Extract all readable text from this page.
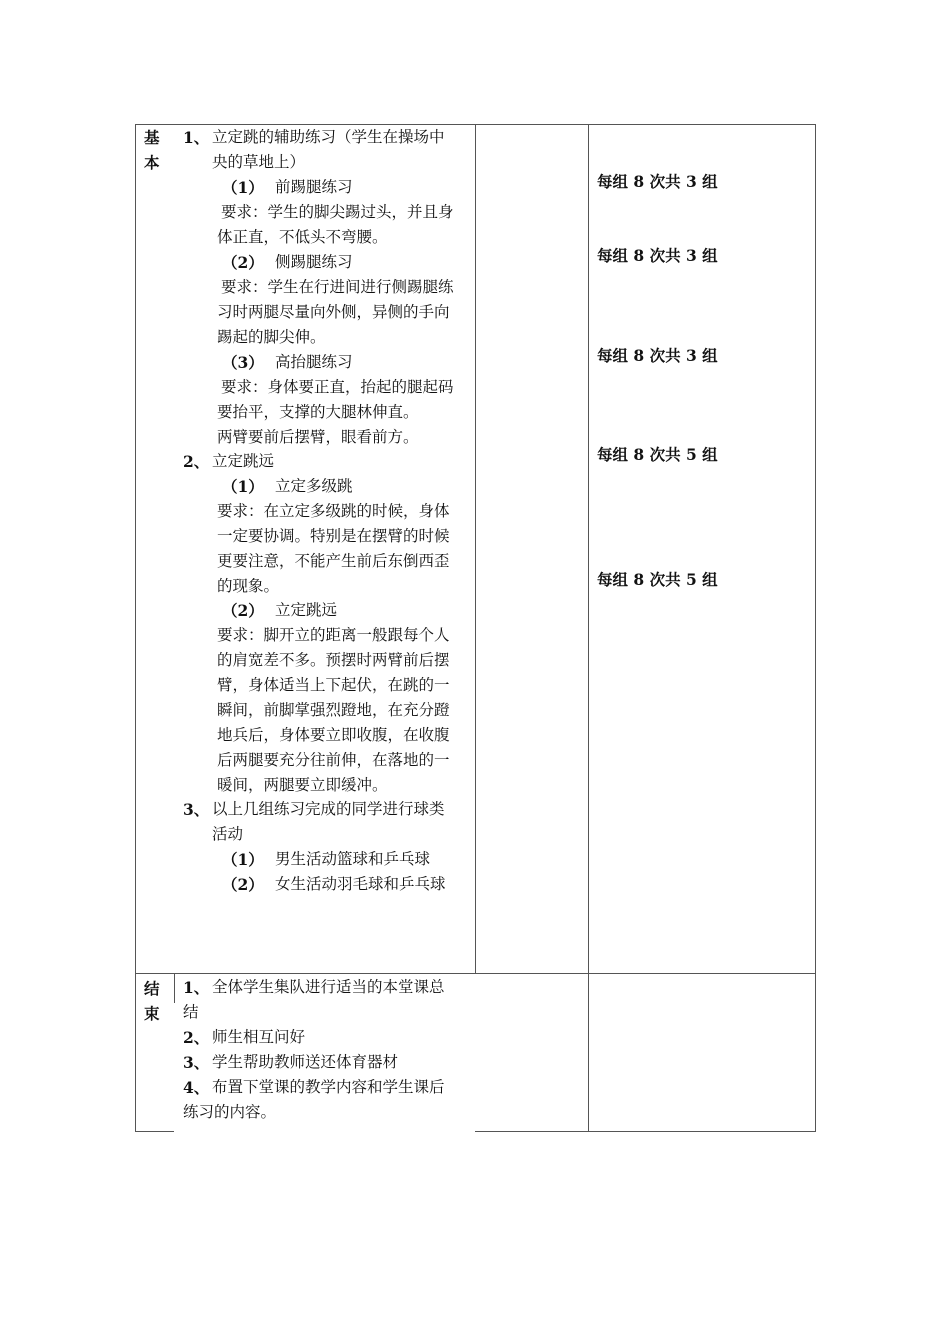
基
本
1、 立定跳的辅助练习（学生在操场中
央的草地上）
（1） 前踢腿练习
要求：学生的脚尖踢过头，并且身
体正直，不低头不弯腰。
（2） 侧踢腿练习
要求：学生在行进间进行侧踢腿练
习时两腿尽量向外侧，异侧的手向
踢起的脚尖伸。
（3） 高抬腿练习
要求：身体要正直，抬起的腿起码
要抬平，支撑的大腿林伸直。
两臂要前后摆臂，眼看前方。
2、 立定跳远
（1） 立定多级跳
要求：在立定多级跳的时候，身体
一定要协调。特别是在摆臂的时候
更要注意，不能产生前后东倒西歪
的现象。
（2） 立定跳远
要求：脚开立的距离一般跟每个人
的肩宽差不多。预摆时两臂前后摆
臂，身体适当上下起伏，在跳的一
瞬间，前脚掌强烈蹬地，在充分蹬
地兵后，身体要立即收腹，在收腹
后两腿要充分往前伸，在落地的一
暖间，两腿要立即缓冲。
3、 以上几组练习完成的同学进行球类
活动
（1） 男生活动篮球和乒乓球
（2） 女生活动羽毛球和乒乓球
每组 8 次共 3 组
每组 8 次共 3 组
每组 8 次共 3 组
每组 8 次共 5 组
每组 8 次共 5 组
结
束
1、 全体学生集队进行适当的本堂课总
结
2、 师生相互问好
3、 学生帮助教师送还体育器材
4、 布置下堂课的教学内容和学生课后
练习的内容。
